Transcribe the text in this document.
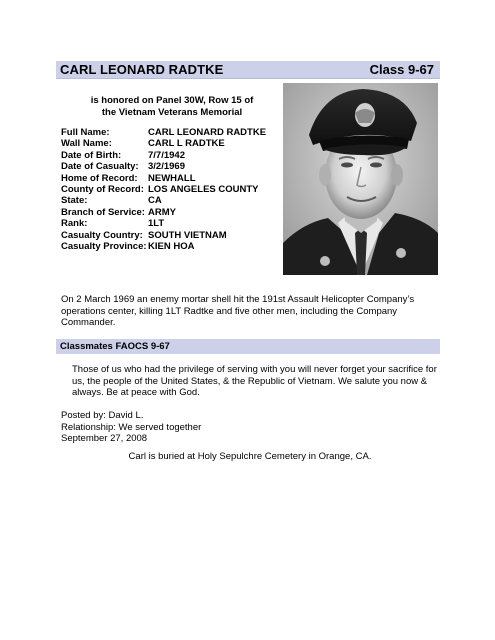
CARL LEONARD RADTKE	Class 9-67
is honored on Panel 30W, Row 15 of
the Vietnam Veterans Memorial
Full Name:	CARL LEONARD RADTKE
Wall Name:	CARL L RADTKE
Date of Birth:	7/7/1942
Date of Casualty:	3/2/1969
Home of Record:	NEWHALL
County of Record:	LOS ANGELES COUNTY
State:	CA
Branch of Service:	ARMY
Rank:	1LT
Casualty Country:	SOUTH VIETNAM
Casualty Province:	KIEN HOA
On 2 March 1969 an enemy mortar shell hit the 191st Assault Helicopter Company’s operations center, killing 1LT Radtke and five other men, including the Company Commander.
Classmates FAOCS 9-67
Those of us who had the privilege of serving with you will never forget your sacrifice for us, the people of the United States, & the Republic of Vietnam. We salute you now & always. Be at peace with God.
Posted by: David L.
Relationship: We served together
September 27, 2008
Carl is buried at Holy Sepulchre Cemetery in Orange, CA.
